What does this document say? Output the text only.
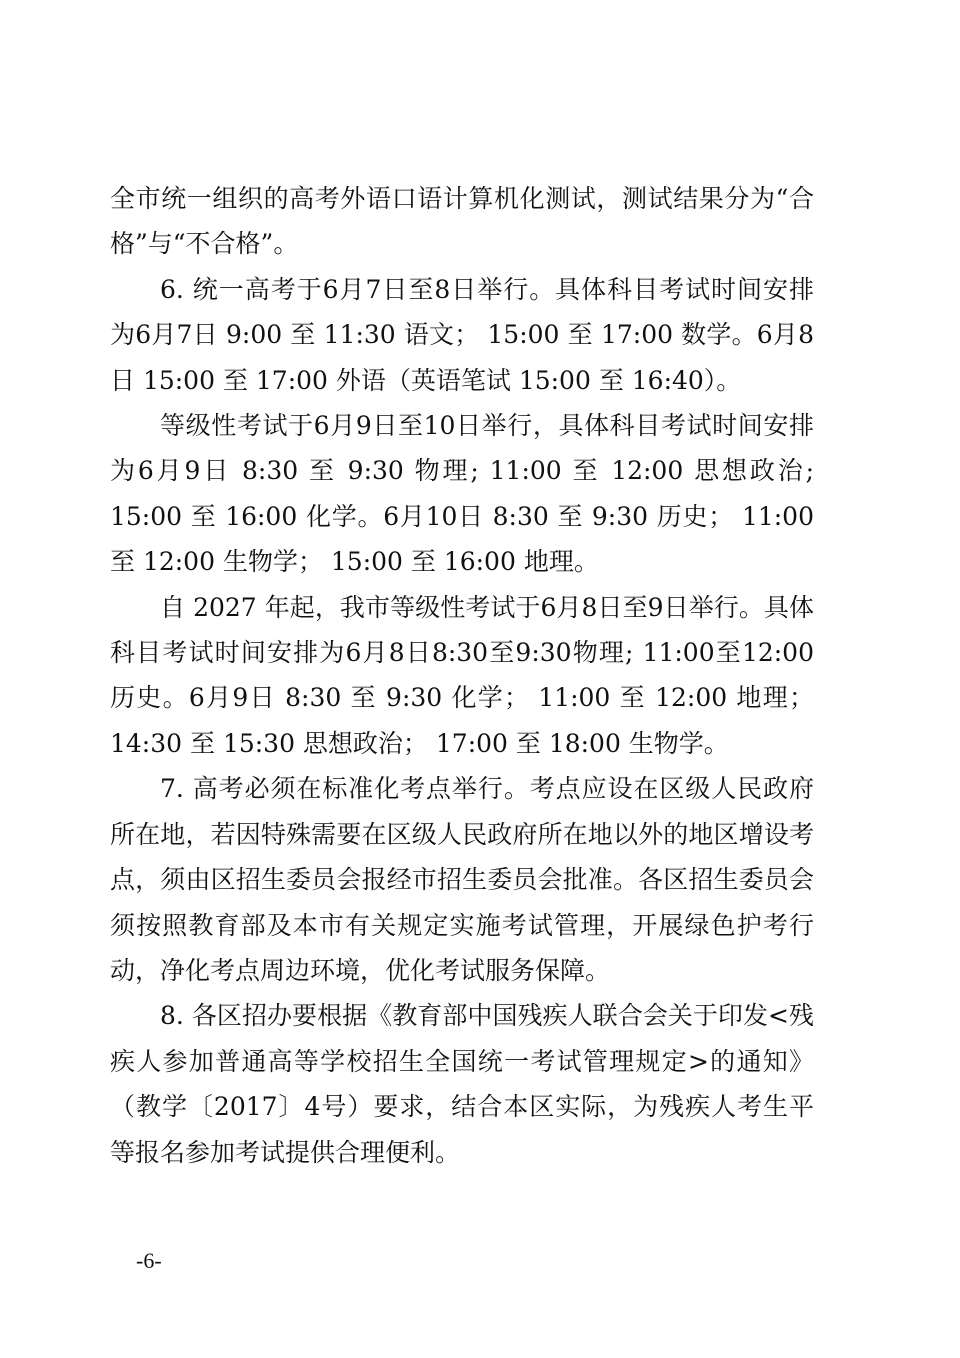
全市统一组织的高考外语口语计算机化测试，测试结果分为“合格”与“不合格”。

6. 统一高考于6月7日至8日举行。具体科目考试时间安排为6月7日 9:00 至 11:30 语文； 15:00 至 17:00 数学。6月8日 15:00 至 17:00 外语（英语笔试 15:00 至 16:40）。

等级性考试于6月9日至10日举行，具体科目考试时间安排为6月9日 8:30 至 9:30 物理; 11:00 至 12:00 思想政治; 15:00 至 16:00 化学。6月10日 8:30 至 9:30 历史； 11:00 至 12:00 生物学； 15:00 至 16:00 地理。

自 2027 年起，我市等级性考试于6月8日至9日举行。具体科目考试时间安排为6月8日8:30至9:30物理; 11:00至12:00历史。6月9日 8:30 至 9:30 化学； 11:00 至 12:00 地理； 14:30 至 15:30 思想政治； 17:00 至 18:00 生物学。

7. 高考必须在标准化考点举行。考点应设在区级人民政府所在地，若因特殊需要在区级人民政府所在地以外的地区增设考点，须由区招生委员会报经市招生委员会批准。各区招生委员会须按照教育部及本市有关规定实施考试管理，开展绿色护考行动，净化考点周边环境，优化考试服务保障。

8. 各区招办要根据《教育部中国残疾人联合会关于印发<残疾人参加普通高等学校招生全国统一考试管理规定>的通知》（教学〔2017〕4号）要求，结合本区实际，为残疾人考生平等报名参加考试提供合理便利。

-6-
